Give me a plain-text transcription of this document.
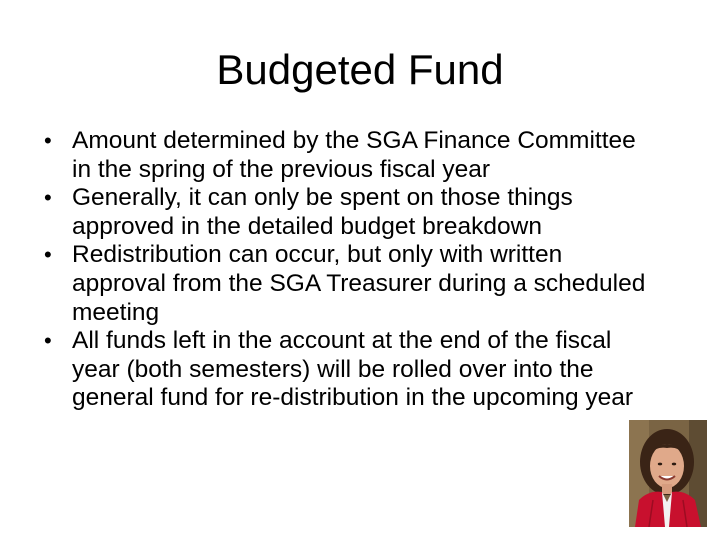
Budgeted Fund
• Amount determined by the SGA Finance Committee in the spring of the previous fiscal year
• Generally, it can only be spent on those things approved in the detailed budget breakdown
• Redistribution can occur, but only with written approval from the SGA Treasurer during a scheduled meeting
• All funds left in the account at the end of the fiscal year (both semesters) will be rolled over into the general fund for re-distribution in the upcoming year
